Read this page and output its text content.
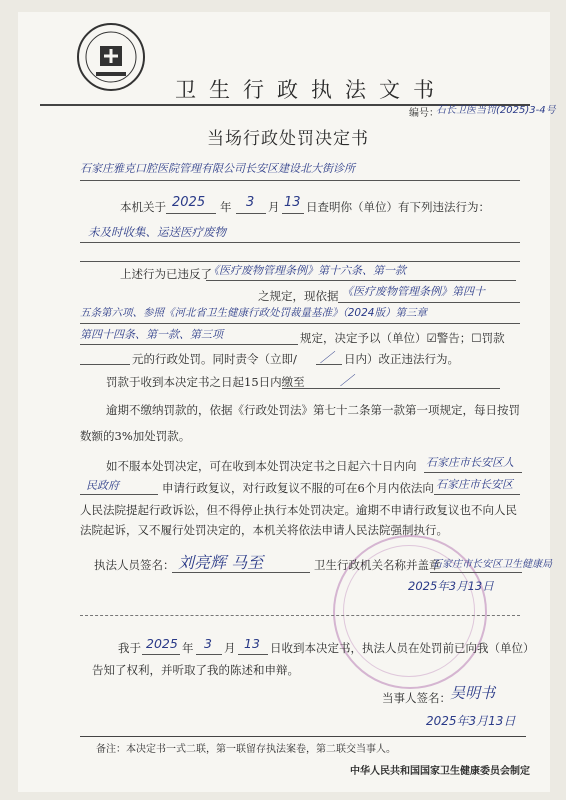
卫生行政执法文书
编号：
石长卫医当罚(2025)3-4号
当场行政处罚决定书
石家庄雅克口腔医院管理有限公司长安区建设北大街诊所
本机关于 2025 年 3 月 13 日查明你（单位）有下列违法行为：
未及时收集、运送医疗废物
上述行为已违反了
《医疗废物管理条例》第十六条、第一款
之规定，现依据 《医疗废物管理条例》第四十
五条第六项、参照《河北省卫生健康行政处罚裁量基准》（2024版）第三章
第四十四条、第一款、第三项	规定，决定予以（单位）☑警告；☐罚款
元的行政处罚。同时责令（立即/ ／ 日内）改正违法行为。
罚款于收到本决定书之日起15日内缴至	／
逾期不缴纳罚款的，依据《行政处罚法》第七十二条第一款第一项规定，每日按罚
数额的3%加处罚款。
如不服本处罚决定，可在收到本处罚决定书之日起六十日内向 石家庄市长安区人
民政府	申请行政复议，对行政复议不服的可在6个月内依法向 石家庄市长安区
人民法院提起行政诉讼，但不得停止执行本处罚决定。逾期不申请行政复议也不向人民
法院起诉，又不履行处罚决定的，本机关将依法申请人民法院强制执行。
执法人员签名： 刘亮辉 马至	卫生行政机关名称并盖章
石家庄市长安区卫生健康局
2025年3月13日
我于 2025 年 3 月 13 日收到本决定书，执法人员在处罚前已向我（单位）
告知了权利，并听取了我的陈述和申辩。
当事人签名： 吴明书
2025年3月13日
备注：本决定书一式二联，第一联留存执法案卷，第二联交当事人。
中华人民共和国国家卫生健康委员会制定
